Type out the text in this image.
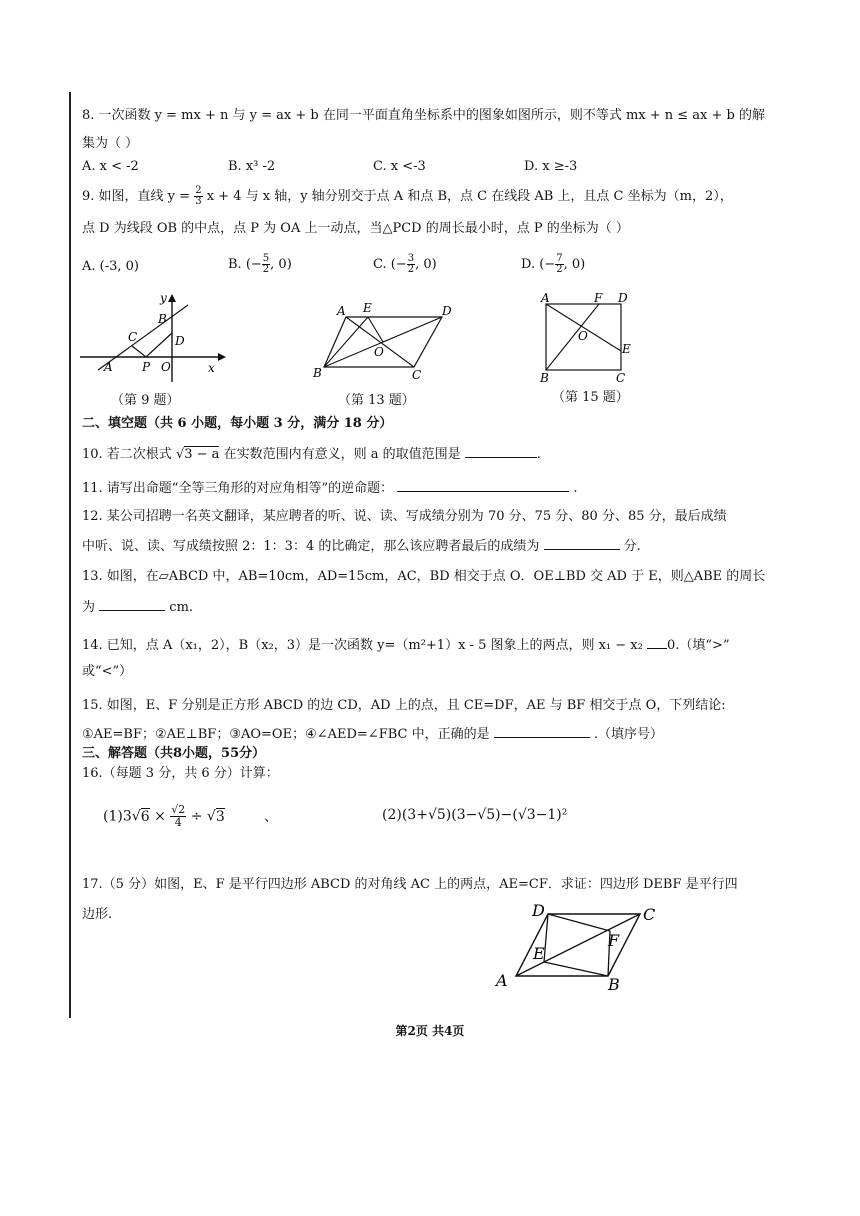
8. 一次函数 y = mx + n 与 y = ax + b 在同一平面直角坐标系中的图象如图所示，则不等式 mx + n ≤ ax + b 的解
集为（ ）
A. x < -2	B. x³ -2	C. x <-3	D. x ≥-3
9. 如图，直线 $y = \frac{2}{3}$ x + 4 与 x 轴，y 轴分别交于点 A 和点 B，点 C 在线段 AB 上，且点 C 坐标为（m，2），
点 D 为线段 OB 的中点，点 P 为 OA 上一动点，当△PCD 的周长最小时，点 P 的坐标为（ ）
A. (-3, 0)	B. (− $\frac{5}{2}$ , 0)	C. (− $\frac{3}{2}$ , 0)	D. (− $\frac{7}{2}$ , 0)
y
B
C	D
A P O	x
（第 9 题）
A E	D
O
B	C
（第 13 题）
A	F D
O
E
B	C
（第 15 题）
二、填空题（共 6 小题，每小题 3 分，满分 18 分）
10. 若二次根式 √3 − a 在实数范围内有意义，则 a 的取值范围是	.
11. 请写出命题“全等三角形的对应角相等”的逆命题：	.
12. 某公司招聘一名英文翻译，某应聘者的听、说、读、写成绩分别为 70 分、75 分、80 分、85 分，最后成绩
中听、说、读、写成绩按照 2：1：3：4 的比确定，那么该应聘者最后的成绩为	分.
13. 如图，在▱ABCD 中，AB=10cm，AD=15cm，AC，BD 相交于点 O．OE⊥BD 交 AD 于 E，则△ABE 的周长
为	cm.
14. 已知，点 A（x₁，2），B（x₂，3）是一次函数 y=（m²+1）x - 5 图象上的两点，则 x₁ − x₂ 0.（填“>”
或“<”）
15. 如图，E、F 分别是正方形 ABCD 的边 CD，AD 上的点，且 CE=DF，AE 与 BF 相交于点 O，下列结论:
①AE=BF；②AE⊥BF；③AO=OE；④∠AED=∠FBC 中，正确的是	.（填序号）
三、解答题（共8小题，55分）
16.（每题 3 分，共 6 分）计算：
$(1)3√6 \times \frac{√2}{4} \div √3$	、	(2)(3+√5)(3−√5)−(√3−1)²
17.（5 分）如图，E、F 是平行四边形 ABCD 的对角线 AC 上的两点，AE=CF．求证：四边形 DEBF 是平行四
边形.	D	C
E
F
A	B
第2页 共4页
